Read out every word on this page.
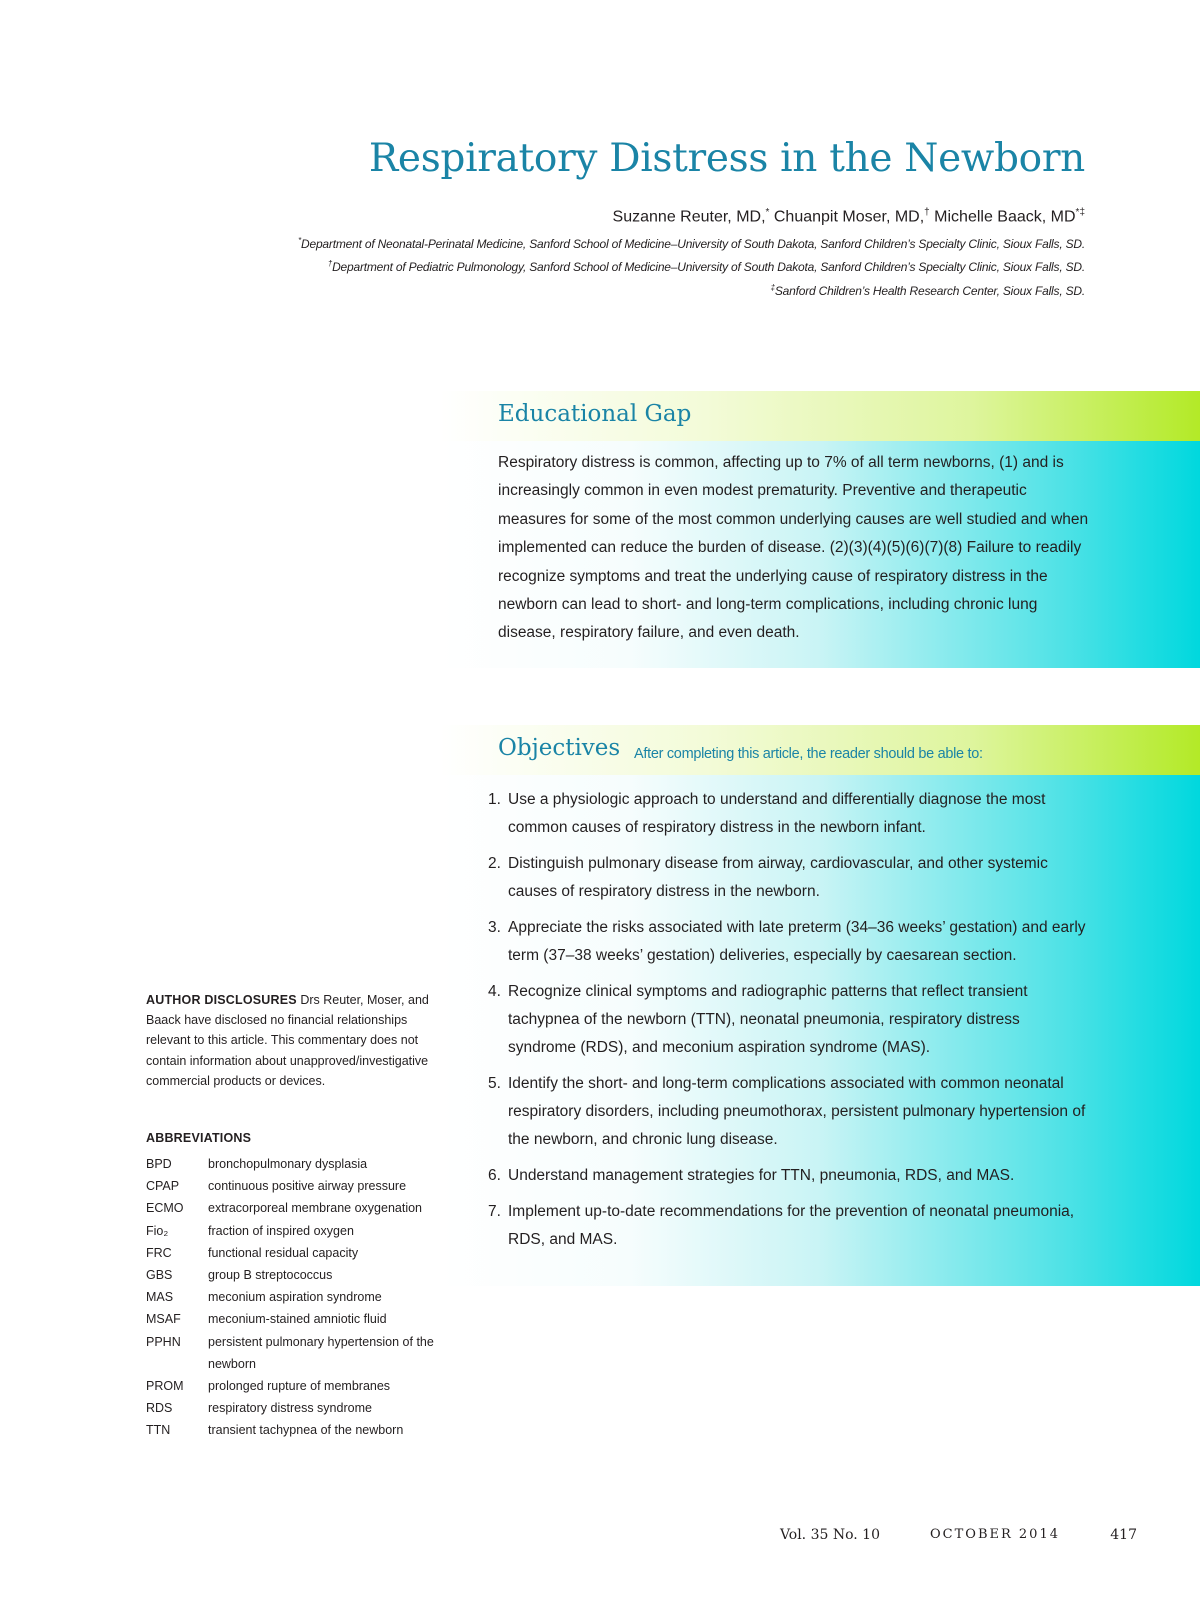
Respiratory Distress in the Newborn
Suzanne Reuter, MD,* Chuanpit Moser, MD,† Michelle Baack, MD*‡
*Department of Neonatal-Perinatal Medicine, Sanford School of Medicine–University of South Dakota, Sanford Children’s Specialty Clinic, Sioux Falls, SD.
†Department of Pediatric Pulmonology, Sanford School of Medicine–University of South Dakota, Sanford Children’s Specialty Clinic, Sioux Falls, SD.
‡Sanford Children’s Health Research Center, Sioux Falls, SD.
Educational Gap

Respiratory distress is common, affecting up to 7% of all term newborns, (1) and is increasingly common in even modest prematurity. Preventive and therapeutic measures for some of the most common underlying causes are well studied and when implemented can reduce the burden of disease. (2)(3)(4)(5)(6)(7)(8) Failure to readily recognize symptoms and treat the underlying cause of respiratory distress in the newborn can lead to short- and long-term complications, including chronic lung disease, respiratory failure, and even death.

Objectives After completing this article, the reader should be able to:
1. Use a physiologic approach to understand and differentially diagnose the most common causes of respiratory distress in the newborn infant.
2. Distinguish pulmonary disease from airway, cardiovascular, and other systemic causes of respiratory distress in the newborn.
3. Appreciate the risks associated with late preterm (34–36 weeks’ gestation) and early term (37–38 weeks’ gestation) deliveries, especially by caesarean section.
4. Recognize clinical symptoms and radiographic patterns that reflect transient tachypnea of the newborn (TTN), neonatal pneumonia, respiratory distress syndrome (RDS), and meconium aspiration syndrome (MAS).
5. Identify the short- and long-term complications associated with common neonatal respiratory disorders, including pneumothorax, persistent pulmonary hypertension of the newborn, and chronic lung disease.
6. Understand management strategies for TTN, pneumonia, RDS, and MAS.
7. Implement up-to-date recommendations for the prevention of neonatal pneumonia, RDS, and MAS.
AUTHOR DISCLOSURES Drs Reuter, Moser, and Baack have disclosed no financial relationships relevant to this article. This commentary does not contain information about unapproved/investigative commercial products or devices.
ABBREVIATIONS
BPD	bronchopulmonary dysplasia
CPAP	continuous positive airway pressure
ECMO	extracorporeal membrane oxygenation
Fio₂	fraction of inspired oxygen
FRC	functional residual capacity
GBS	group B streptococcus
MAS	meconium aspiration syndrome
MSAF	meconium-stained amniotic fluid
PPHN	persistent pulmonary hypertension of the newborn
PROM	prolonged rupture of membranes
RDS	respiratory distress syndrome
TTN	transient tachypnea of the newborn
Vol. 35 No. 10	OCTOBER 2014	417
